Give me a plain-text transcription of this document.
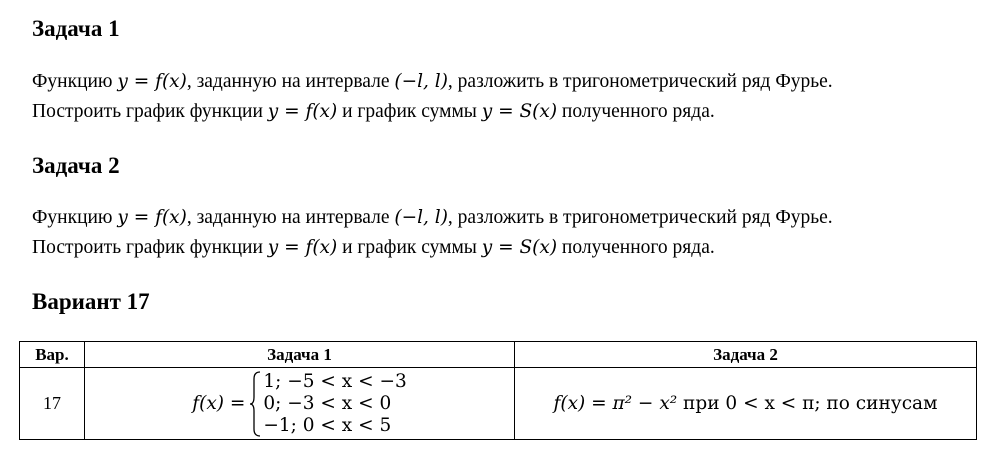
Задача 1

Функцию y = f(x), заданную на интервале (−l, l), разложить в тригонометрический ряд Фурье.
Построить график функции y = f(x) и график суммы y = S(x) полученного ряда.

Задача 2

Функцию y = f(x), заданную на интервале (−l, l), разложить в тригонометрический ряд Фурье.
Построить график функции y = f(x) и график суммы y = S(x) полученного ряда.

Вариант 17
Вар.	Задача 1	Задача 2
17	f(x) =
1; −5 < x < −3
0; −3 < x < 0
−1; 0 < x < 5	f(x) = π² − x² при 0 < x < π; по синусам
